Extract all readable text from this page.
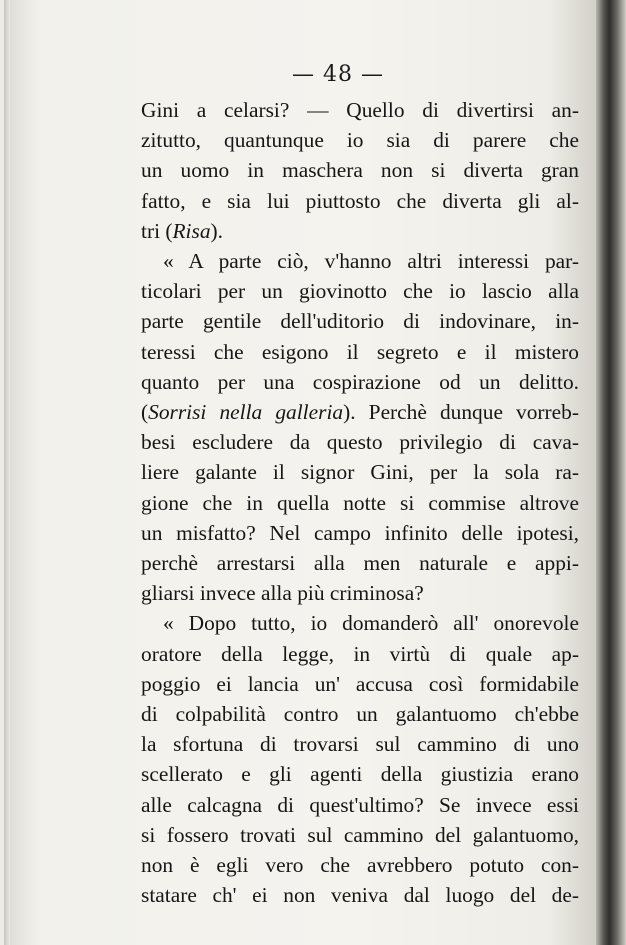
— 48 —
Gini a celarsi? — Quello di divertirsi an-
zitutto, quantunque io sia di parere che
un uomo in maschera non si diverta gran
fatto, e sia lui piuttosto che diverta gli al-
tri (Risa).
« A parte ciò, v'hanno altri interessi par-
ticolari per un giovinotto che io lascio alla
parte gentile dell'uditorio di indovinare, in-
teressi che esigono il segreto e il mistero
quanto per una cospirazione od un delitto.
(Sorrisi nella galleria). Perchè dunque vorreb-
besi escludere da questo privilegio di cava-
liere galante il signor Gini, per la sola ra-
gione che in quella notte si commise altrove
un misfatto? Nel campo infinito delle ipotesi,
perchè arrestarsi alla men naturale e appi-
gliarsi invece alla più criminosa?
« Dopo tutto, io domanderò all' onorevole
oratore della legge, in virtù di quale ap-
poggio ei lancia un' accusa così formidabile
di colpabilità contro un galantuomo ch'ebbe
la sfortuna di trovarsi sul cammino di uno
scellerato e gli agenti della giustizia erano
alle calcagna di quest'ultimo? Se invece essi
si fossero trovati sul cammino del galantuomo,
non è egli vero che avrebbero potuto con-
statare ch' ei non veniva dal luogo del de-
